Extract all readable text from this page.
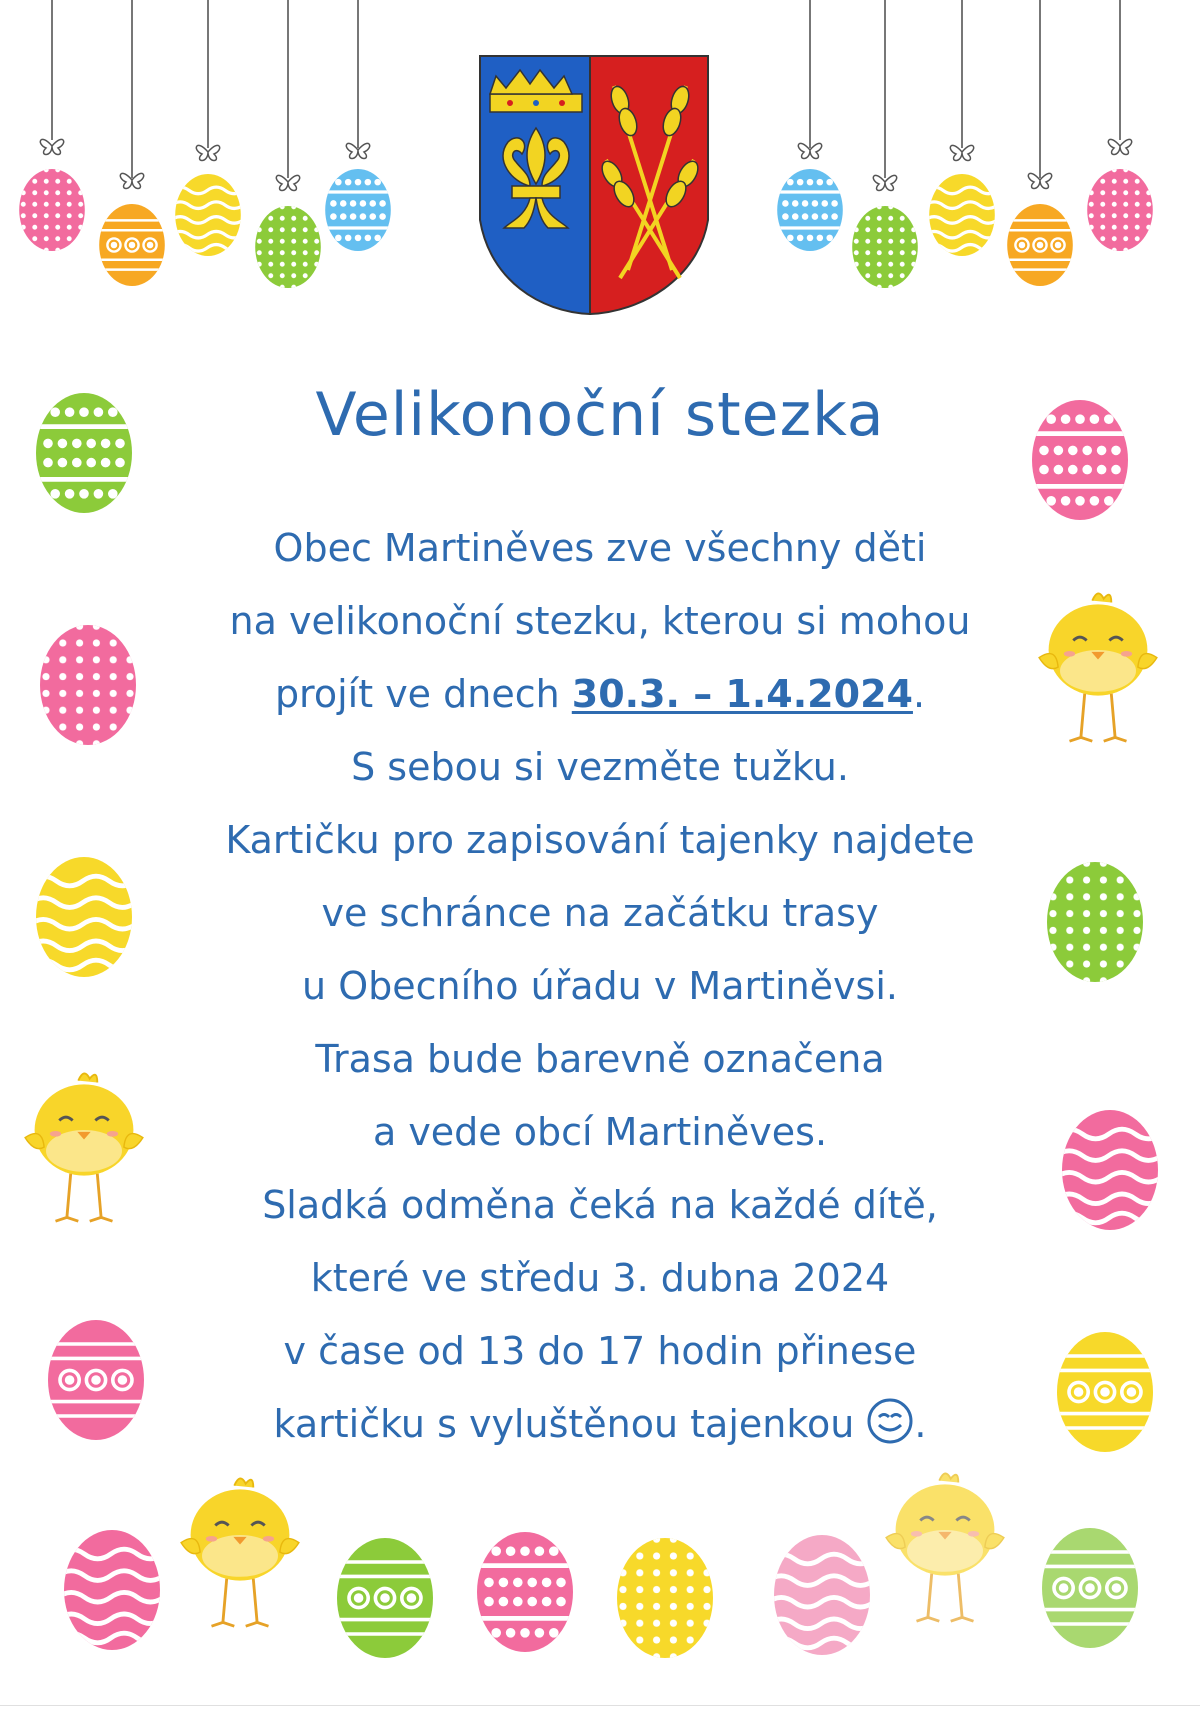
Velikonoční stezka
Obec Martiněves zve všechny děti
na velikonoční stezku, kterou si mohou
projít ve dnech 30.3. – 1.4.2024.
S sebou si vezměte tužku.
Kartičku pro zapisování tajenky najdete
ve schránce na začátku trasy
u Obecního úřadu v Martiněvsi.
Trasa bude barevně označena
a vede obcí Martiněves.
Sladká odměna čeká na každé dítě,
které ve středu 3. dubna 2024
v čase od 13 do 17 hodin přinese
kartičku s vyluštěnou tajenkou
.
